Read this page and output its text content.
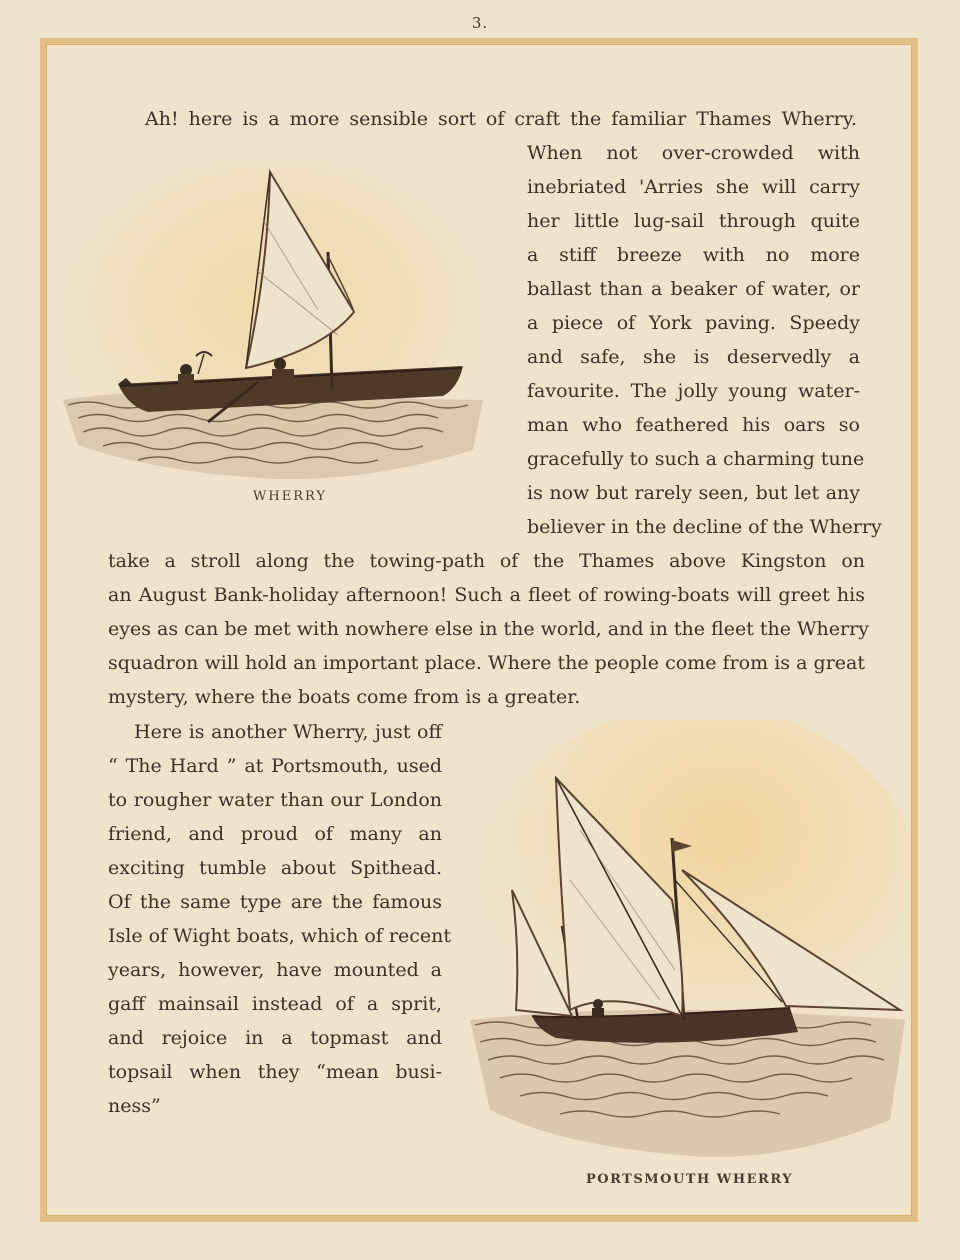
3.
Ah! here is a more sensible sort of craft the familiar Thames Wherry.
When not over-crowded with
inebriated 'Arries she will carry
her little lug-sail through quite
a stiff breeze with no more
ballast than a beaker of water, or
a piece of York paving. Speedy
and safe, she is deservedly a
favourite. The jolly young water-
man who feathered his oars so
gracefully to such a charming tune
is now but rarely seen, but let any
believer in the decline of the Wherry
take a stroll along the towing-path of the Thames above Kingston on
an August Bank-holiday afternoon! Such a fleet of rowing-boats will greet his
eyes as can be met with nowhere else in the world, and in the fleet the Wherry
squadron will hold an important place. Where the people come from is a great
mystery, where the boats come from is a greater.
Here is another Wherry, just off
“ The Hard ” at Portsmouth, used
to rougher water than our London
friend, and proud of many an
exciting tumble about Spithead.
Of the same type are the famous
Isle of Wight boats, which of recent
years, however, have mounted a
gaff mainsail instead of a sprit,
and rejoice in a topmast and
topsail when they “mean busi-
ness”
WHERRY
PORTSMOUTH WHERRY
